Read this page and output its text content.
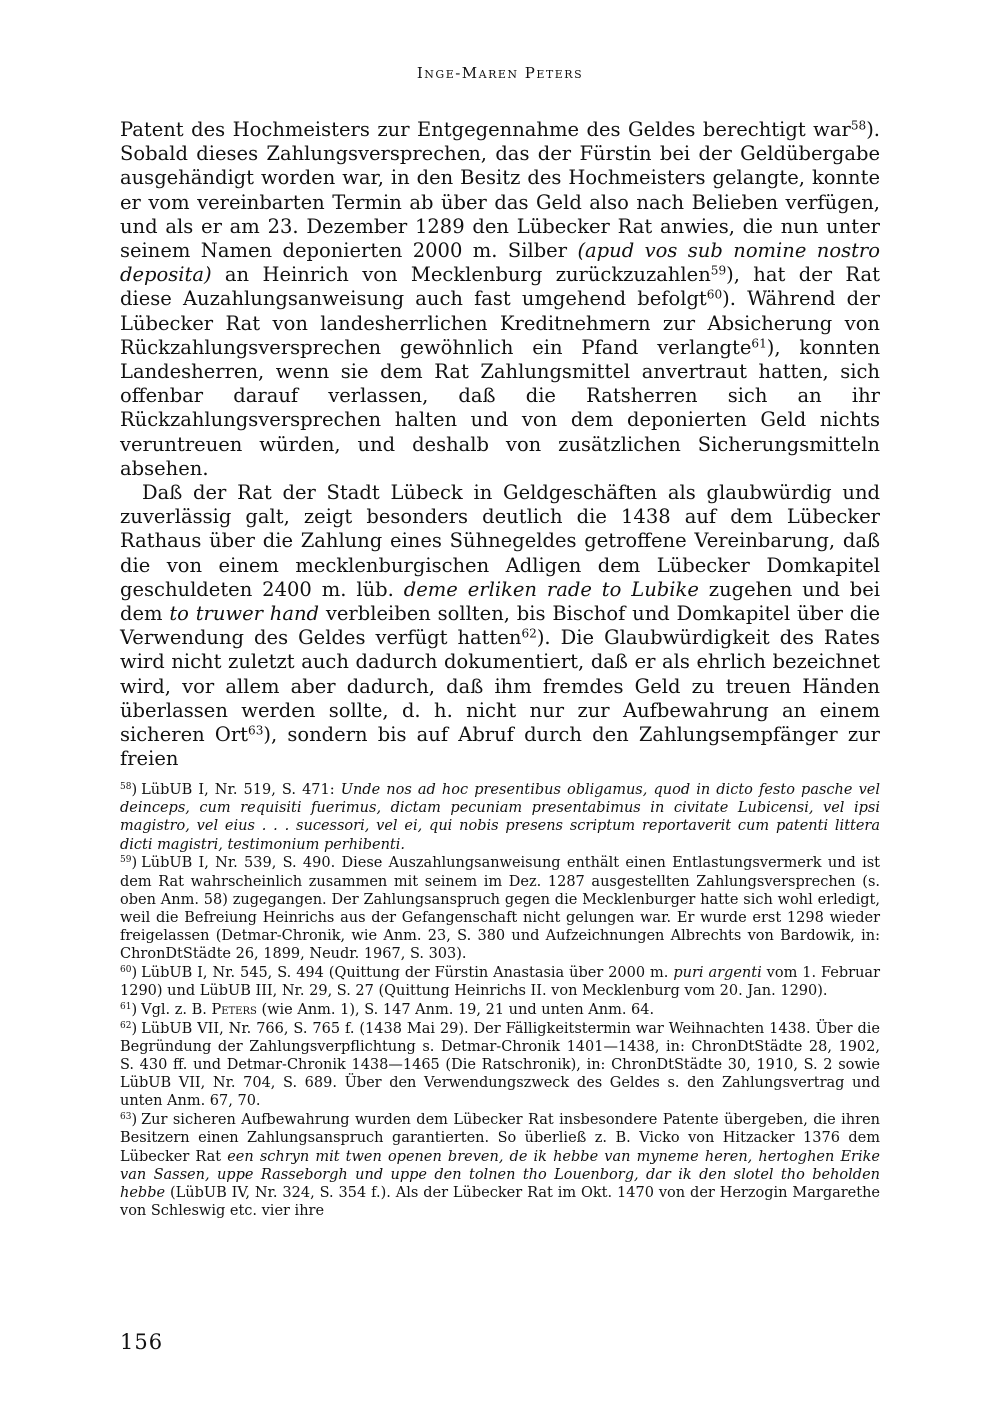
Inge-Maren Peters

Patent des Hochmeisters zur Entgegennahme des Geldes berechtigt war$^{58}$). Sobald dieses Zahlungsversprechen, das der Fürstin bei der Geldübergabe ausgehändigt worden war, in den Besitz des Hochmeisters gelangte, konnte er vom vereinbarten Termin ab über das Geld also nach Belieben verfügen, und als er am 23. Dezember 1289 den Lübecker Rat anwies, die nun unter seinem Namen deponierten 2000 m. Silber (apud vos sub nomine nostro deposita) an Heinrich von Mecklenburg zurückzuzahlen$^{59}$), hat der Rat diese Auzahlungsanweisung auch fast umgehend befolgt$^{60}$). Während der Lübecker Rat von landesherrlichen Kreditnehmern zur Absicherung von Rückzahlungsversprechen gewöhnlich ein Pfand verlangte$^{61}$), konnten Landesherren, wenn sie dem Rat Zahlungsmittel anvertraut hatten, sich offenbar darauf verlassen, daß die Ratsherren sich an ihr Rückzahlungsversprechen halten und von dem deponierten Geld nichts veruntreuen würden, und deshalb von zusätzlichen Sicherungsmitteln absehen.

Daß der Rat der Stadt Lübeck in Geldgeschäften als glaubwürdig und zuverlässig galt, zeigt besonders deutlich die 1438 auf dem Lübecker Rathaus über die Zahlung eines Sühnegeldes getroffene Vereinbarung, daß die von einem mecklenburgischen Adligen dem Lübecker Domkapitel geschuldeten 2400 m. lüb. deme erliken rade to Lubike zugehen und bei dem to truwer hand verbleiben sollten, bis Bischof und Domkapitel über die Verwendung des Geldes verfügt hatten$^{62}$). Die Glaubwürdigkeit des Rates wird nicht zuletzt auch dadurch dokumentiert, daß er als ehrlich bezeichnet wird, vor allem aber dadurch, daß ihm fremdes Geld zu treuen Händen überlassen werden sollte, d. h. nicht nur zur Aufbewahrung an einem sicheren Ort$^{63}$), sondern bis auf Abruf durch den Zahlungsempfänger zur freien

$^{58}$) LübUB I, Nr. 519, S. 471: Unde nos ad hoc presentibus obligamus, quod in dicto festo pasche vel deinceps, cum requisiti fuerimus, dictam pecuniam presentabimus in civitate Lubicensi, vel ipsi magistro, vel eius . . . sucessori, vel ei, qui nobis presens scriptum reportaverit cum patenti littera dicti magistri, testimonium perhibenti.

$^{59}$) LübUB I, Nr. 539, S. 490. Diese Auszahlungsanweisung enthält einen Entlastungsvermerk und ist dem Rat wahrscheinlich zusammen mit seinem im Dez. 1287 ausgestellten Zahlungsversprechen (s. oben Anm. 58) zugegangen. Der Zahlungsanspruch gegen die Mecklenburger hatte sich wohl erledigt, weil die Befreiung Heinrichs aus der Gefangenschaft nicht gelungen war. Er wurde erst 1298 wieder freigelassen (Detmar-Chronik, wie Anm. 23, S. 380 und Aufzeichnungen Albrechts von Bardowik, in: ChronDtStädte 26, 1899, Neudr. 1967, S. 303).

$^{60}$) LübUB I, Nr. 545, S. 494 (Quittung der Fürstin Anastasia über 2000 m. puri argenti vom 1. Februar 1290) und LübUB III, Nr. 29, S. 27 (Quittung Heinrichs II. von Mecklenburg vom 20. Jan. 1290).

$^{61}$) Vgl. z. B. Peters (wie Anm. 1), S. 147 Anm. 19, 21 und unten Anm. 64.

$^{62}$) LübUB VII, Nr. 766, S. 765 f. (1438 Mai 29). Der Fälligkeitstermin war Weihnachten 1438. Über die Begründung der Zahlungsverpflichtung s. Detmar-Chronik 1401—1438, in: ChronDtStädte 28, 1902, S. 430 ff. und Detmar-Chronik 1438—1465 (Die Ratschronik), in: ChronDtStädte 30, 1910, S. 2 sowie LübUB VII, Nr. 704, S. 689. Über den Verwendungszweck des Geldes s. den Zahlungsvertrag und unten Anm. 67, 70.

$^{63}$) Zur sicheren Aufbewahrung wurden dem Lübecker Rat insbesondere Patente übergeben, die ihren Besitzern einen Zahlungsanspruch garantierten. So überließ z. B. Vicko von Hitzacker 1376 dem Lübecker Rat een schryn mit twen openen breven, de ik hebbe van myneme heren, hertoghen Erike van Sassen, uppe Rasseborgh und uppe den tolnen tho Louenborg, dar ik den slotel tho beholden hebbe (LübUB IV, Nr. 324, S. 354 f.). Als der Lübecker Rat im Okt. 1470 von der Herzogin Margarethe von Schleswig etc. vier ihre

156
